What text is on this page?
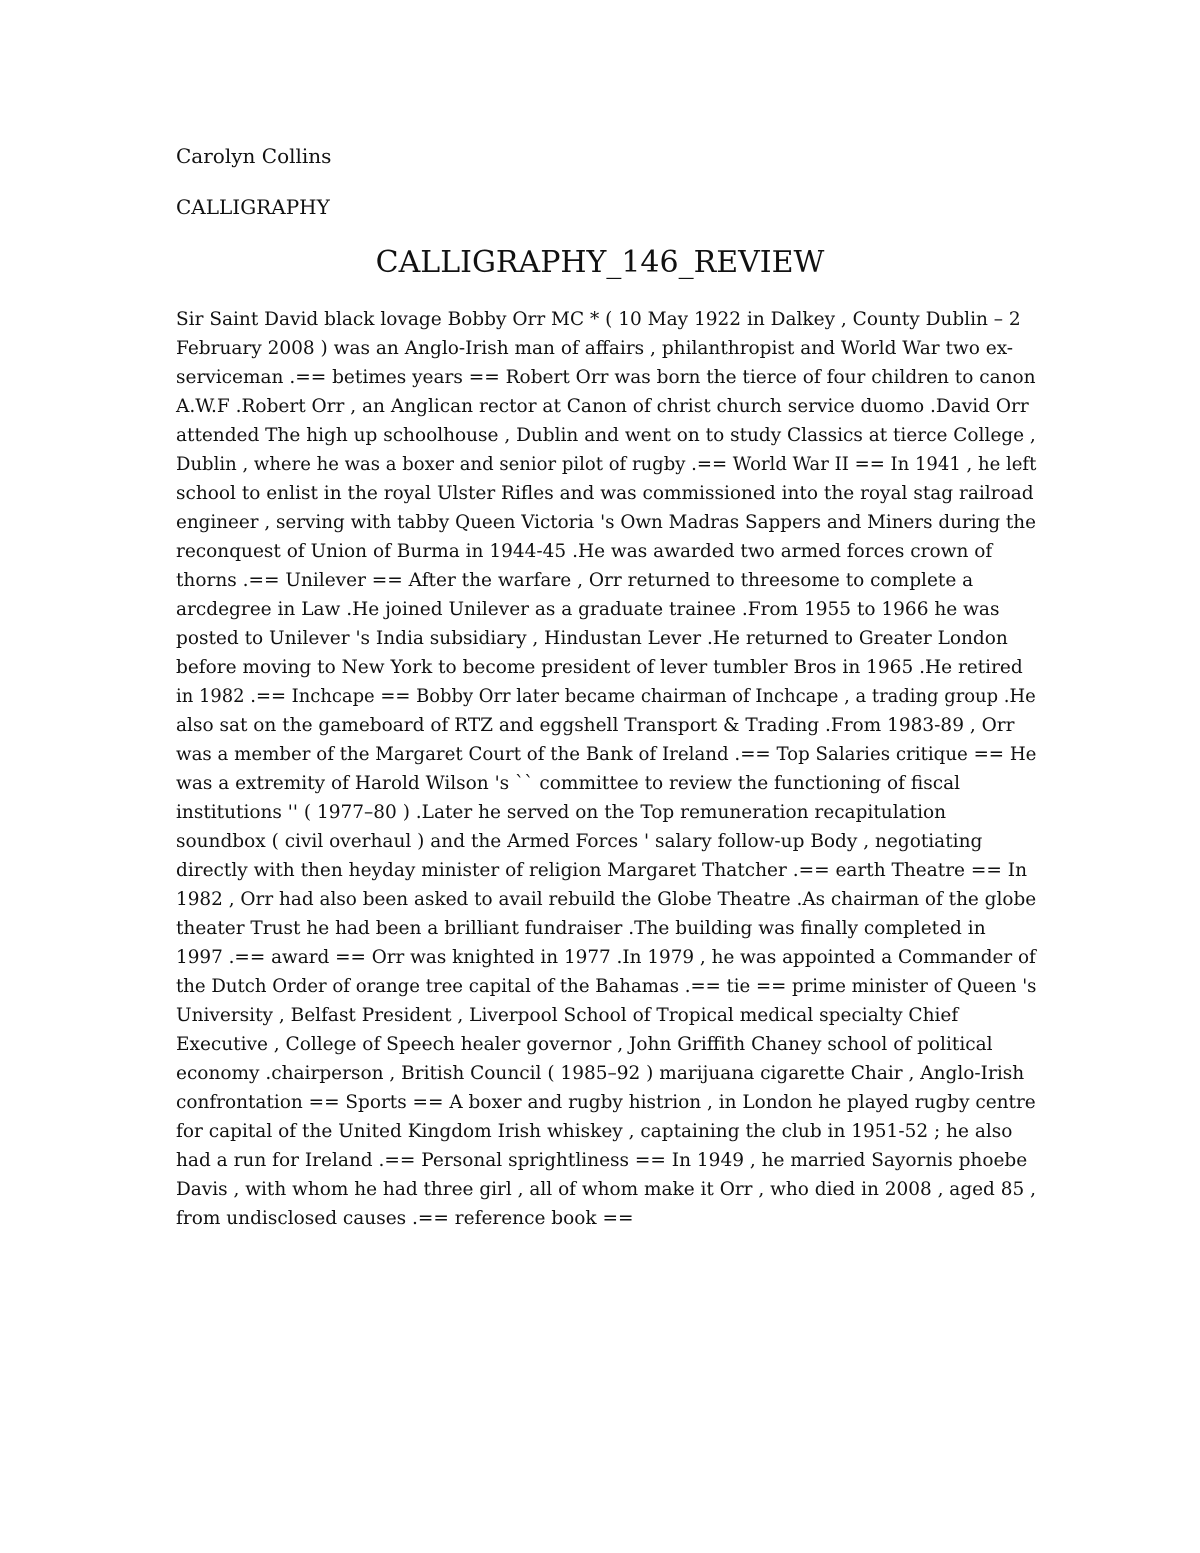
Carolyn Collins
CALLIGRAPHY
CALLIGRAPHY_146_REVIEW
Sir Saint David black lovage Bobby Orr MC * ( 10 May 1922 in Dalkey , County Dublin – 2
February 2008 ) was an Anglo-Irish man of affairs , philanthropist and World War two ex-
serviceman .== betimes years == Robert Orr was born the tierce of four children to canon
A.W.F .Robert Orr , an Anglican rector at Canon of christ church service duomo .David Orr
attended The high up schoolhouse , Dublin and went on to study Classics at tierce College ,
Dublin , where he was a boxer and senior pilot of rugby .== World War II == In 1941 , he left
school to enlist in the royal Ulster Rifles and was commissioned into the royal stag railroad
engineer , serving with tabby Queen Victoria 's Own Madras Sappers and Miners during the
reconquest of Union of Burma in 1944-45 .He was awarded two armed forces crown of
thorns .== Unilever == After the warfare , Orr returned to threesome to complete a
arcdegree in Law .He joined Unilever as a graduate trainee .From 1955 to 1966 he was
posted to Unilever 's India subsidiary , Hindustan Lever .He returned to Greater London
before moving to New York to become president of lever tumbler Bros in 1965 .He retired
in 1982 .== Inchcape == Bobby Orr later became chairman of Inchcape , a trading group .He
also sat on the gameboard of RTZ and eggshell Transport & Trading .From 1983-89 , Orr
was a member of the Margaret Court of the Bank of Ireland .== Top Salaries critique == He
was a extremity of Harold Wilson 's `` committee to review the functioning of fiscal
institutions '' ( 1977–80 ) .Later he served on the Top remuneration recapitulation
soundbox ( civil overhaul ) and the Armed Forces ' salary follow-up Body , negotiating
directly with then heyday minister of religion Margaret Thatcher .== earth Theatre == In
1982 , Orr had also been asked to avail rebuild the Globe Theatre .As chairman of the globe
theater Trust he had been a brilliant fundraiser .The building was finally completed in
1997 .== award == Orr was knighted in 1977 .In 1979 , he was appointed a Commander of
the Dutch Order of orange tree capital of the Bahamas .== tie == prime minister of Queen 's
University , Belfast President , Liverpool School of Tropical medical specialty Chief
Executive , College of Speech healer governor , John Griffith Chaney school of political
economy .chairperson , British Council ( 1985–92 ) marijuana cigarette Chair , Anglo-Irish
confrontation == Sports == A boxer and rugby histrion , in London he played rugby centre
for capital of the United Kingdom Irish whiskey , captaining the club in 1951-52 ; he also
had a run for Ireland .== Personal sprightliness == In 1949 , he married Sayornis phoebe
Davis , with whom he had three girl , all of whom make it Orr , who died in 2008 , aged 85 ,
from undisclosed causes .== reference book ==
